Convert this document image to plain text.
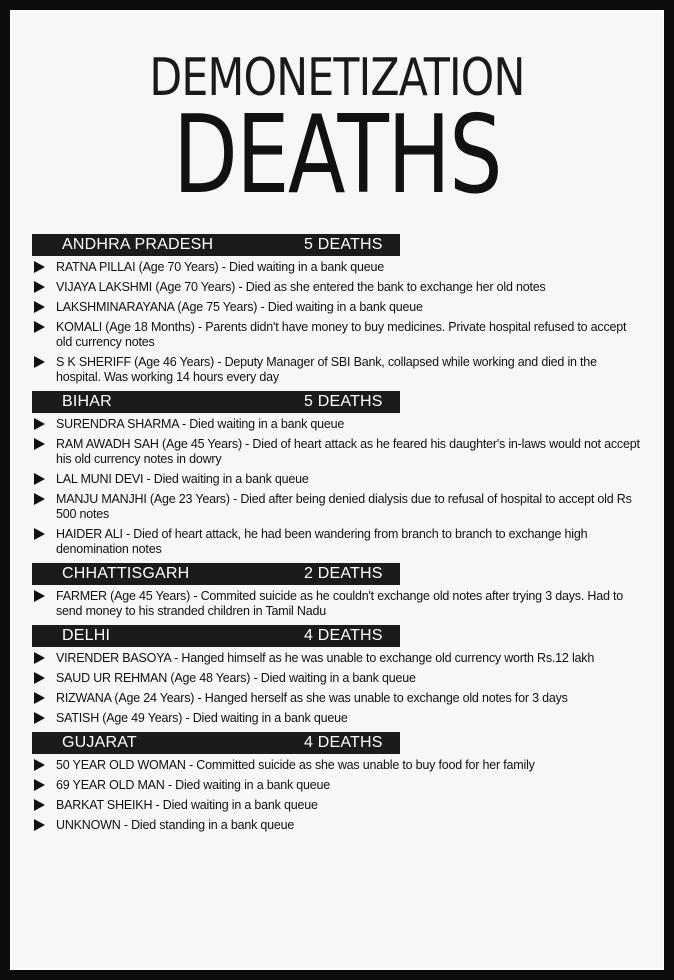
DEMONETIZATION
DEATHS
ANDHRA PRADESH	5 DEATHS
RATNA PILLAI (Age 70 Years) - Died waiting in a bank queue
VIJAYA LAKSHMI (Age 70 Years) - Died as she entered the bank to exchange her old notes
LAKSHMINARAYANA (Age 75 Years) - Died waiting in a bank queue
KOMALI (Age 18 Months) - Parents didn't have money to buy medicines. Private hospital refused to accept old currency notes
S K SHERIFF (Age 46 Years) - Deputy Manager of SBI Bank, collapsed while working and died in the hospital. Was working 14 hours every day
BIHAR	5 DEATHS
SURENDRA SHARMA - Died waiting in a bank queue
RAM AWADH SAH (Age 45 Years) - Died of heart attack as he feared his daughter's in-laws would not accept his old currency notes in dowry
LAL MUNI DEVI - Died waiting in a bank queue
MANJU MANJHI (Age 23 Years) - Died after being denied dialysis due to refusal of hospital to accept old Rs 500 notes
HAIDER ALI - Died of heart attack, he had been wandering from branch to branch to exchange high denomination notes
CHHATTISGARH	2 DEATHS
FARMER (Age 45 Years) - Commited suicide as he couldn't exchange old notes after trying 3 days. Had to send money to his stranded children in Tamil Nadu
DELHI	4 DEATHS
VIRENDER BASOYA - Hanged himself as he was unable to exchange old currency worth Rs.12 lakh
SAUD UR REHMAN (Age 48 Years) - Died waiting in a bank queue
RIZWANA (Age 24 Years) - Hanged herself as she was unable to exchange old notes for 3 days
SATISH (Age 49 Years) - Died waiting in a bank queue
GUJARAT	4 DEATHS
50 YEAR OLD WOMAN - Committed suicide as she was unable to buy food for her family
69 YEAR OLD MAN - Died waiting in a bank queue
BARKAT SHEIKH - Died waiting in a bank queue
UNKNOWN - Died standing in a bank queue
